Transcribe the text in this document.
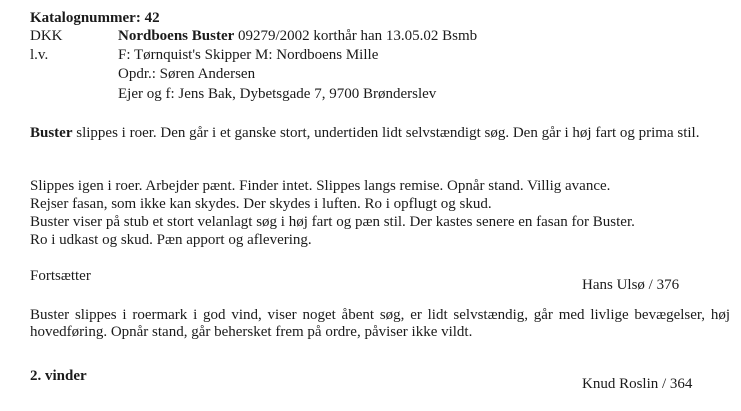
Katalognummer: 42
DKK	Nordboens Buster 09279/2002 korthår han 13.05.02 Bsmb
l.v.	F: Tørnquist's Skipper M: Nordboens Mille
Opdr.: Søren Andersen
Ejer og f: Jens Bak, Dybetsgade 7, 9700 Brønderslev
Buster slippes i roer. Den går i et ganske stort, undertiden lidt selvstændigt søg. Den går i høj fart og prima stil.
Slippes igen i roer. Arbejder pænt. Finder intet. Slippes langs remise. Opnår stand. Villig avance.
Rejser fasan, som ikke kan skydes. Der skydes i luften. Ro i opflugt og skud.
Buster viser på stub et stort velanlagt søg i høj fart og pæn stil. Der kastes senere en fasan for Buster.
Ro i udkast og skud. Pæn apport og aflevering.
Fortsætter
Hans Ulsø / 376
Buster slippes i roermark i god vind, viser noget åbent søg, er lidt selvstændig, går med livlige bevægelser, høj hovedføring. Opnår stand, går behersket frem på ordre, påviser ikke vildt.
2. vinder	Knud Roslin / 364
